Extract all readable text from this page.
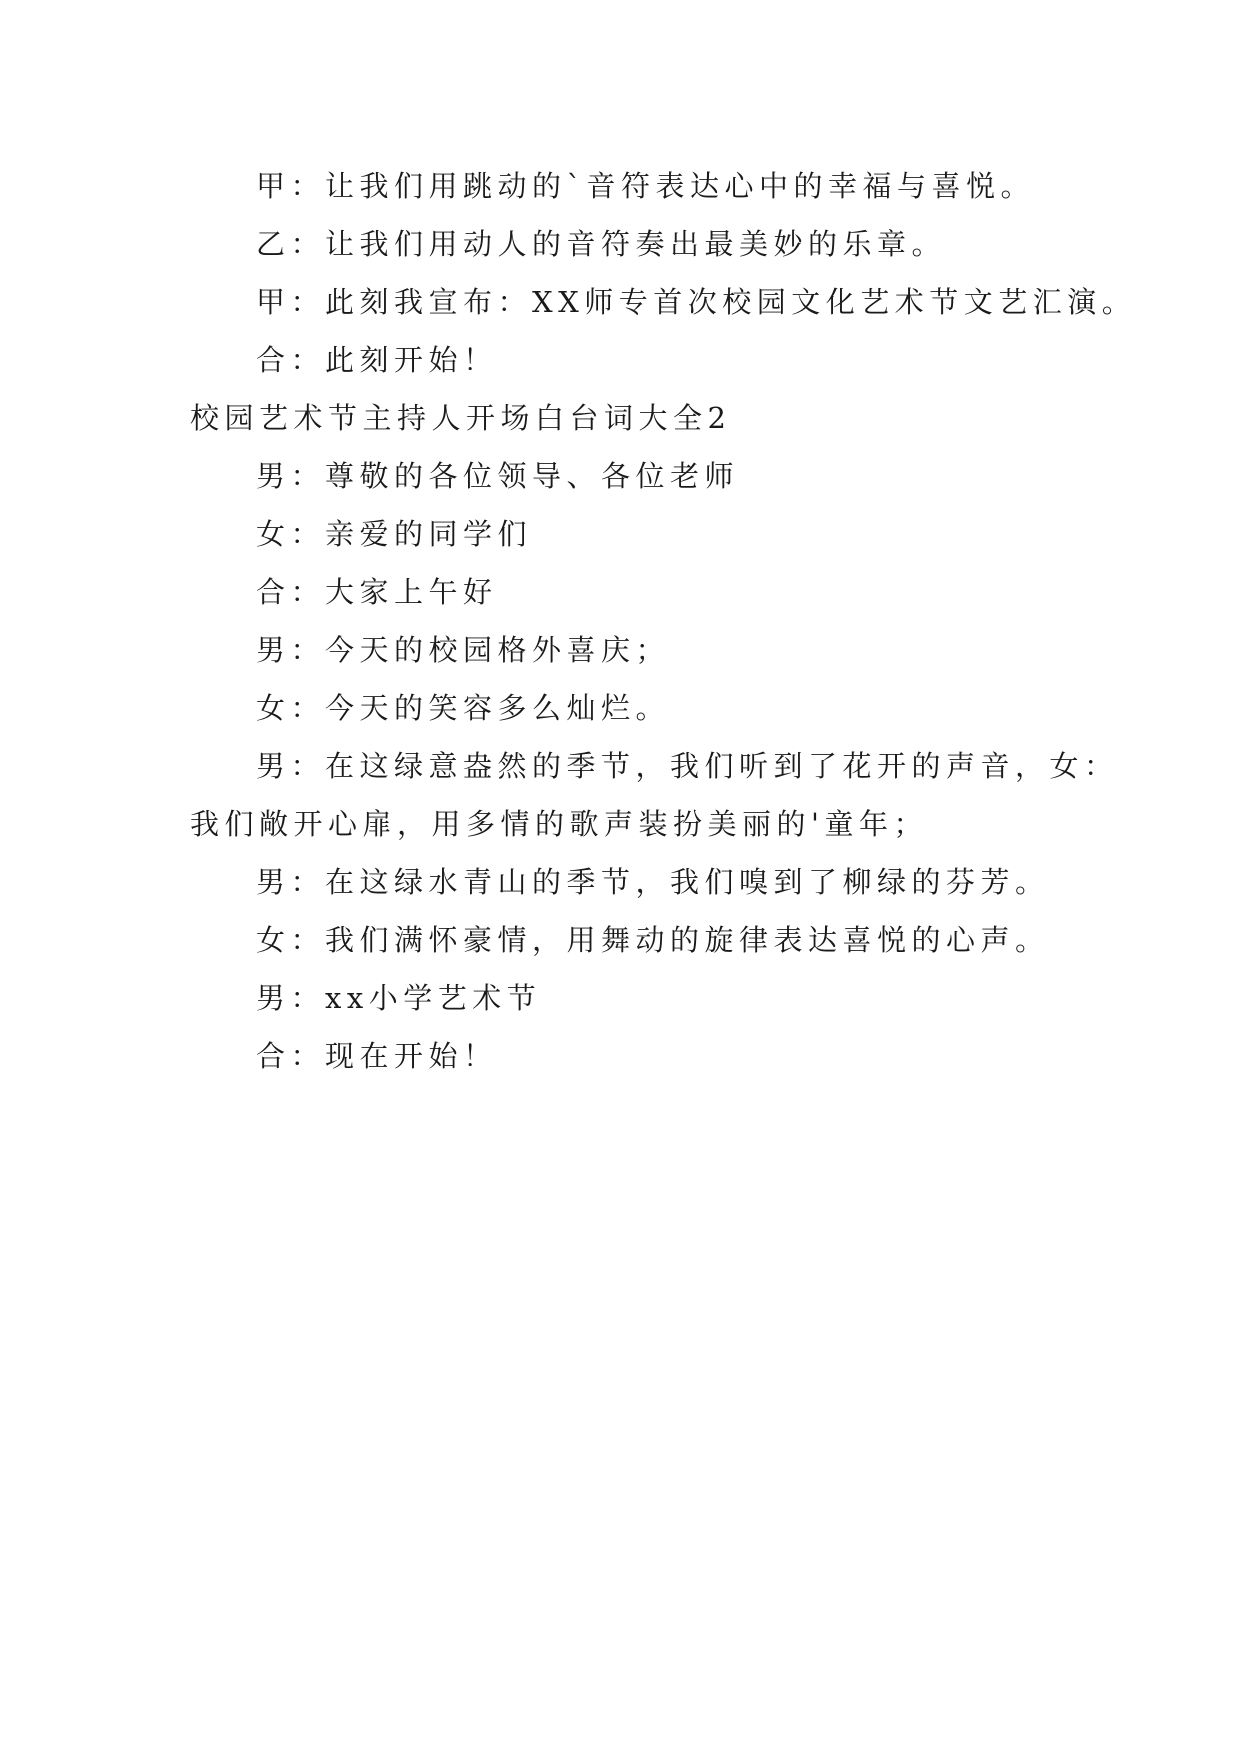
甲：让我们用跳动的`音符表达心中的幸福与喜悦。
乙：让我们用动人的音符奏出最美妙的乐章。
甲：此刻我宣布：XX师专首次校园文化艺术节文艺汇演。
合：此刻开始！
校园艺术节主持人开场白台词大全2
男：尊敬的各位领导、各位老师
女：亲爱的同学们
合：大家上午好
男：今天的校园格外喜庆；
女：今天的笑容多么灿烂。
男：在这绿意盎然的季节，我们听到了花开的声音，女：
我们敞开心扉，用多情的歌声装扮美丽的'童年；
男：在这绿水青山的季节，我们嗅到了柳绿的芬芳。
女：我们满怀豪情，用舞动的旋律表达喜悦的心声。
男：xx小学艺术节
合：现在开始！
